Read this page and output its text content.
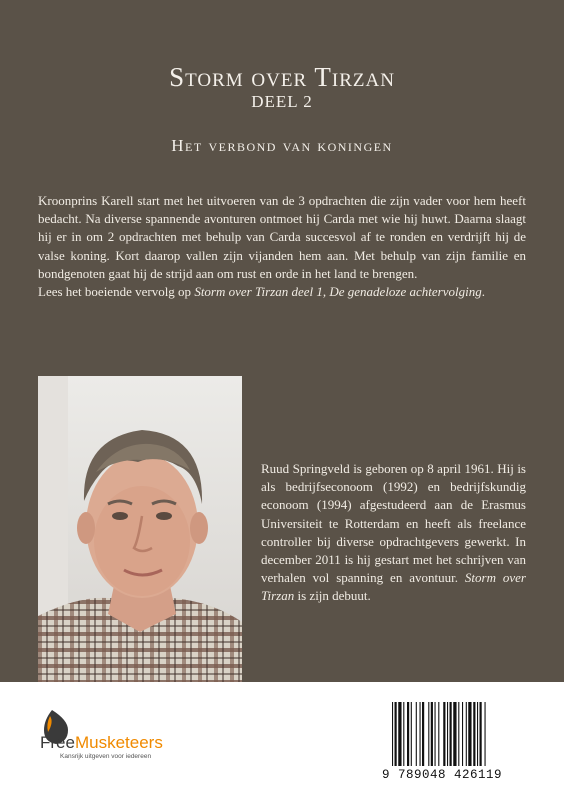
Storm over Tirzan
DEEL 2
Het verbond van koningen

Kroonprins Karell start met het uitvoeren van de 3 opdrachten die zijn vader voor hem heeft bedacht. Na diverse spannende avonturen ontmoet hij Carda met wie hij huwt. Daarna slaagt hij er in om 2 opdrachten met behulp van Carda succesvol af te ronden en verdrijft hij de valse koning. Kort daarop vallen zijn vijanden hem aan. Met behulp van zijn familie en bondgenoten gaat hij de strijd aan om rust en orde in het land te brengen.

Lees het boeiende vervolg op Storm over Tirzan deel 1, De genadeloze achtervolging.

Ruud Springveld is geboren op 8 april 1961. Hij is als bedrijfseconoom (1992) en bedrijfskundig econoom (1994) afgestudeerd aan de Erasmus Universiteit te Rotterdam en heeft als freelance controller bij diverse opdrachtgevers gewerkt. In december 2011 is hij gestart met het schrijven van verhalen vol spanning en avontuur. Storm over Tirzan is zijn debuut.

FreeMusketeers
Kansrijk uitgeven voor iedereen
9 789048 426119
